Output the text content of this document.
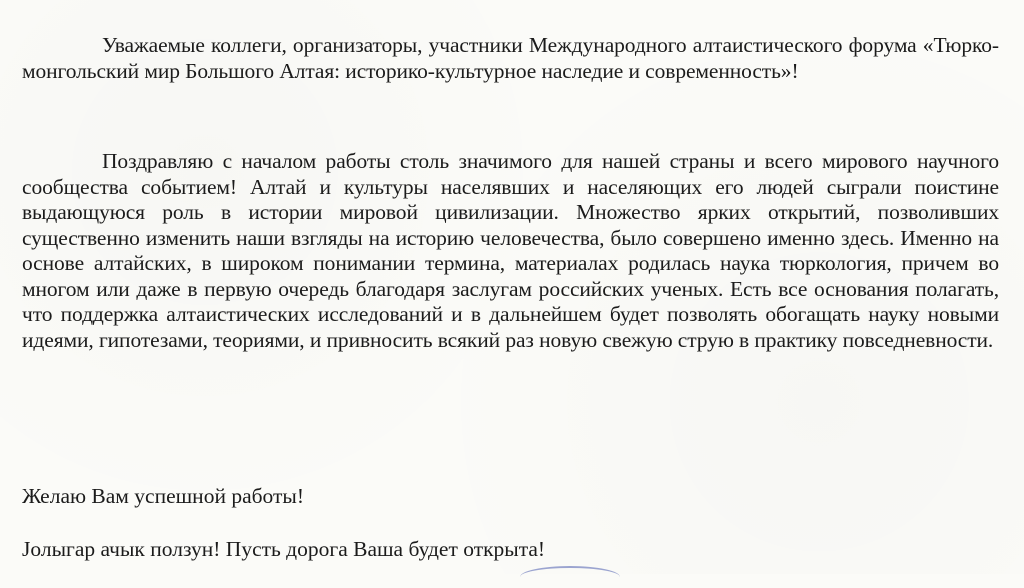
Уважаемые коллеги, организаторы, участники Международного алтаистического форума «Тюрко-монгольский мир Большого Алтая: историко-культурное наследие и современность»!

Поздравляю с началом работы столь значимого для нашей страны и всего мирового научного сообщества событием! Алтай и культуры населявших и населяющих его людей сыграли поистине выдающуюся роль в истории мировой цивилизации. Множество ярких открытий, позволивших существенно изменить наши взгляды на историю человечества, было совершено именно здесь. Именно на основе алтайских, в широком понимании термина, материалах родилась наука тюркология, причем во многом или даже в первую очередь благодаря заслугам российских ученых. Есть все основания полагать, что поддержка алтаистических исследований и в дальнейшем будет позволять обогащать науку новыми идеями, гипотезами, теориями, и привносить всякий раз новую свежую струю в практику повседневности.

Желаю Вам успешной работы!

Јолыгар ачык ползун! Пусть дорога Ваша будет открыта!
